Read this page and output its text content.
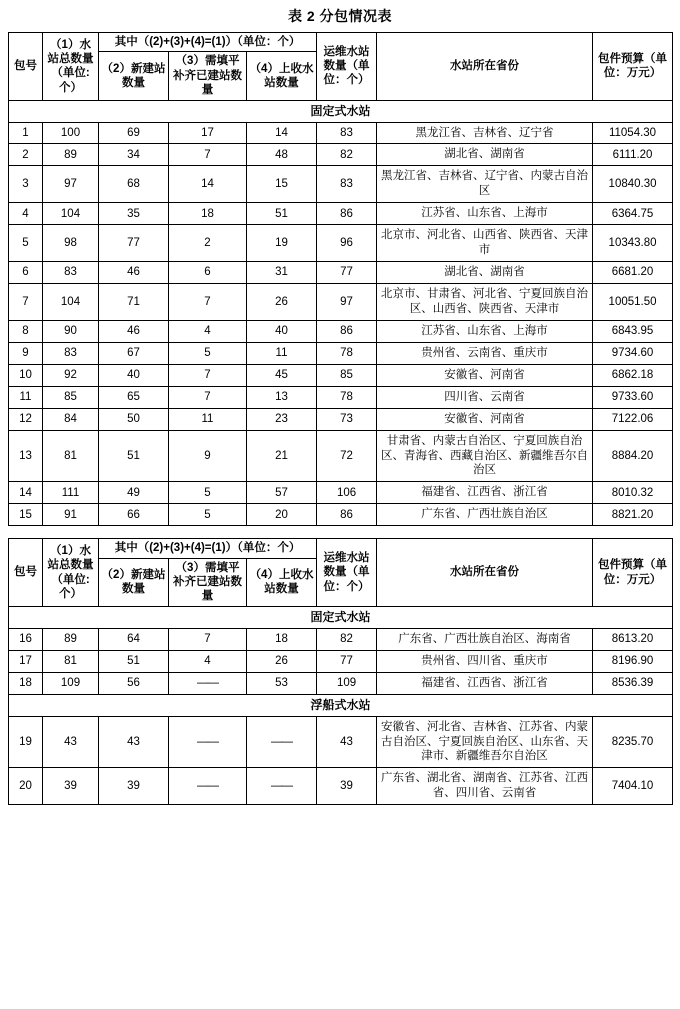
表 2 分包情况表
包号	（1）水站总数量（单位:个）	其中（(2)+(3)+(4)=(1)）（单位：个）			运维水站数量（单位：个）	水站所在省份	包件预算（单位：万元）
		（2）新建站数量	（3）需填平补齐已建站数量	（4）上收水站数量			
固定式水站							
1	100	69	17	14	83	黑龙江省、吉林省、辽宁省	11054.30
2	89	34	7	48	82	湖北省、湖南省	6111.20
3	97	68	14	15	83	黑龙江省、吉林省、辽宁省、内蒙古自治区	10840.30
4	104	35	18	51	86	江苏省、山东省、上海市	6364.75
5	98	77	2	19	96	北京市、河北省、山西省、陕西省、天津市	10343.80
6	83	46	6	31	77	湖北省、湖南省	6681.20
7	104	71	7	26	97	北京市、甘肃省、河北省、宁夏回族自治区、山西省、陕西省、天津市	10051.50
8	90	46	4	40	86	江苏省、山东省、上海市	6843.95
9	83	67	5	11	78	贵州省、云南省、重庆市	9734.60
10	92	40	7	45	85	安徽省、河南省	6862.18
11	85	65	7	13	78	四川省、云南省	9733.60
12	84	50	11	23	73	安徽省、河南省	7122.06
13	81	51	9	21	72	甘肃省、内蒙古自治区、宁夏回族自治区、青海省、西藏自治区、新疆维吾尔自治区	8884.20
14	111	49	5	57	106	福建省、江西省、浙江省	8010.32
15	91	66	5	20	86	广东省、广西壮族自治区	8821.20
包号	（1）水站总数量（单位:个）	其中（(2)+(3)+(4)=(1)）（单位：个）			运维水站数量（单位：个）	水站所在省份	包件预算（单位：万元）
		（2）新建站数量	（3）需填平补齐已建站数量	（4）上收水站数量			
固定式水站							
16	89	64	7	18	82	广东省、广西壮族自治区、海南省	8613.20
17	81	51	4	26	77	贵州省、四川省、重庆市	8196.90
18	109	56	——	53	109	福建省、江西省、浙江省	8536.39
浮船式水站							
19	43	43	——	——	43	安徽省、河北省、吉林省、江苏省、内蒙古自治区、宁夏回族自治区、山东省、天津市、新疆维吾尔自治区	8235.70
20	39	39	——	——	39	广东省、湖北省、湖南省、江苏省、江西省、四川省、云南省	7404.10
